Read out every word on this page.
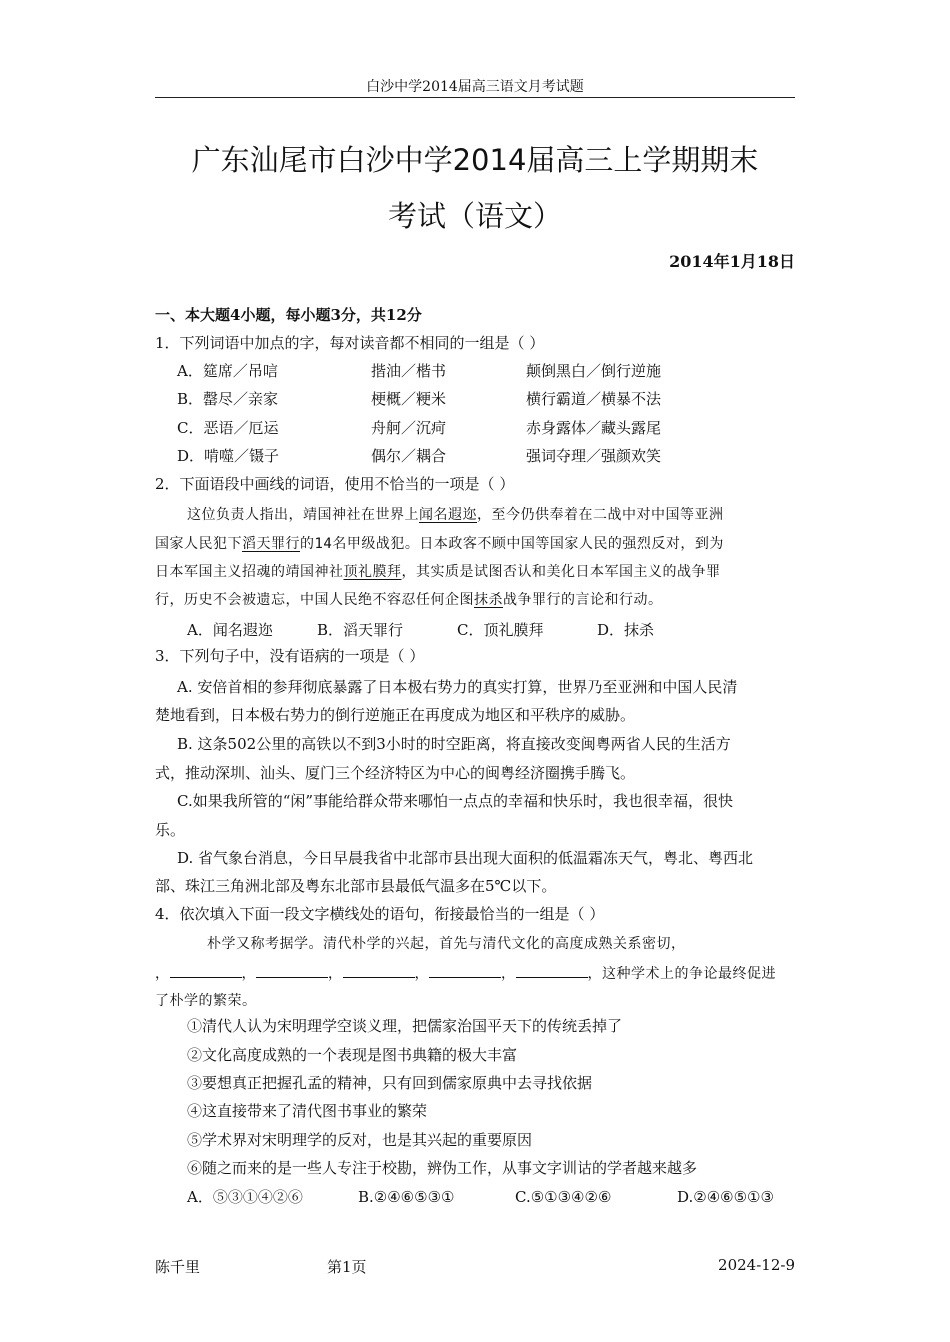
白沙中学2014届高三语文月考试题
广东汕尾市白沙中学2014届高三上学期期末
考试（语文）
2014年1月18日
一、本大题4小题，每小题3分，共12分
1．下列词语中加点的字，每对读音都不相同的一组是（ ）
A．筵席／吊唁	揩油／楷书	颠倒黑白／倒行逆施
B．罄尽／亲家	梗概／粳米	横行霸道／横暴不法
C．恶语／厄运	舟舸／沉疴	赤身露体／藏头露尾
D．啃噬／镊子	偶尔／耦合	强词夺理／强颜欢笑
2．下面语段中画线的词语，使用不恰当的一项是（ ）
这位负责人指出，靖国神社在世界上闻名遐迩，至今仍供奉着在二战中对中国等亚洲
国家人民犯下滔天罪行的14名甲级战犯。日本政客不顾中国等国家人民的强烈反对，到为
日本军国主义招魂的靖国神社顶礼膜拜，其实质是试图否认和美化日本军国主义的战争罪
行，历史不会被遗忘，中国人民绝不容忍任何企图抹杀战争罪行的言论和行动。
A．闻名遐迩	B．滔天罪行	C．顶礼膜拜	D．抹杀
3．下列句子中，没有语病的一项是（ ）
A. 安倍首相的参拜彻底暴露了日本极右势力的真实打算，世界乃至亚洲和中国人民清
楚地看到，日本极右势力的倒行逆施正在再度成为地区和平秩序的威胁。
B. 这条502公里的高铁以不到3小时的时空距离，将直接改变闽粤两省人民的生活方
式，推动深圳、汕头、厦门三个经济特区为中心的闽粤经济圈携手腾飞。
C.如果我所管的“闲”事能给群众带来哪怕一点点的幸福和快乐时，我也很幸福，很快
乐。
D. 省气象台消息，今日早晨我省中北部市县出现大面积的低温霜冻天气，粤北、粤西北
部、珠江三角洲北部及粤东北部市县最低气温多在5℃以下。
4．依次填入下面一段文字横线处的语句，衔接最恰当的一组是（ ）
朴学又称考据学。清代朴学的兴起，首先与清代文化的高度成熟关系密切，
，	，	，	，	，	，这种学术上的争论最终促进
了朴学的繁荣。
①清代人认为宋明理学空谈义理，把儒家治国平天下的传统丢掉了
②文化高度成熟的一个表现是图书典籍的极大丰富
③要想真正把握孔孟的精神，只有回到儒家原典中去寻找依据
④这直接带来了清代图书事业的繁荣
⑤学术界对宋明理学的反对，也是其兴起的重要原因
⑥随之而来的是一些人专注于校勘，辨伪工作，从事文字训诂的学者越来越多
A．⑤③①④②⑥	B.②④⑥⑤③①	C.⑤①③④②⑥	D.②④⑥⑤①③
陈千里	第1页	2024-12-9
